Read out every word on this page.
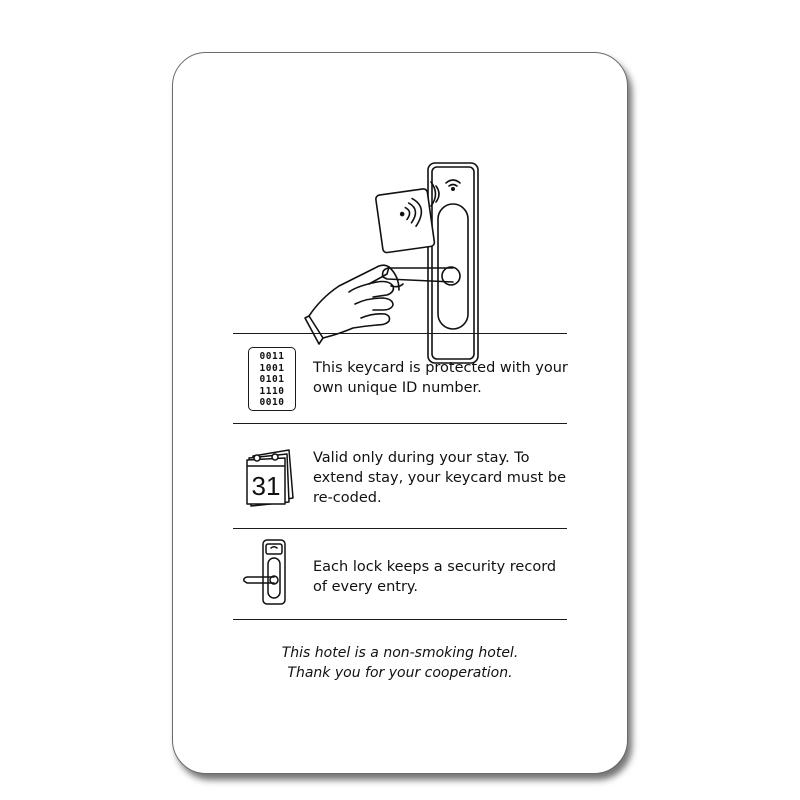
0011
1001
0101
1110
0010
This keycard is protected with your own unique ID number.
31
Valid only during your stay. To extend stay, your keycard must be re-coded.
Each lock keeps a security record of every entry.
This hotel is a non-smoking hotel.
Thank you for your cooperation.
